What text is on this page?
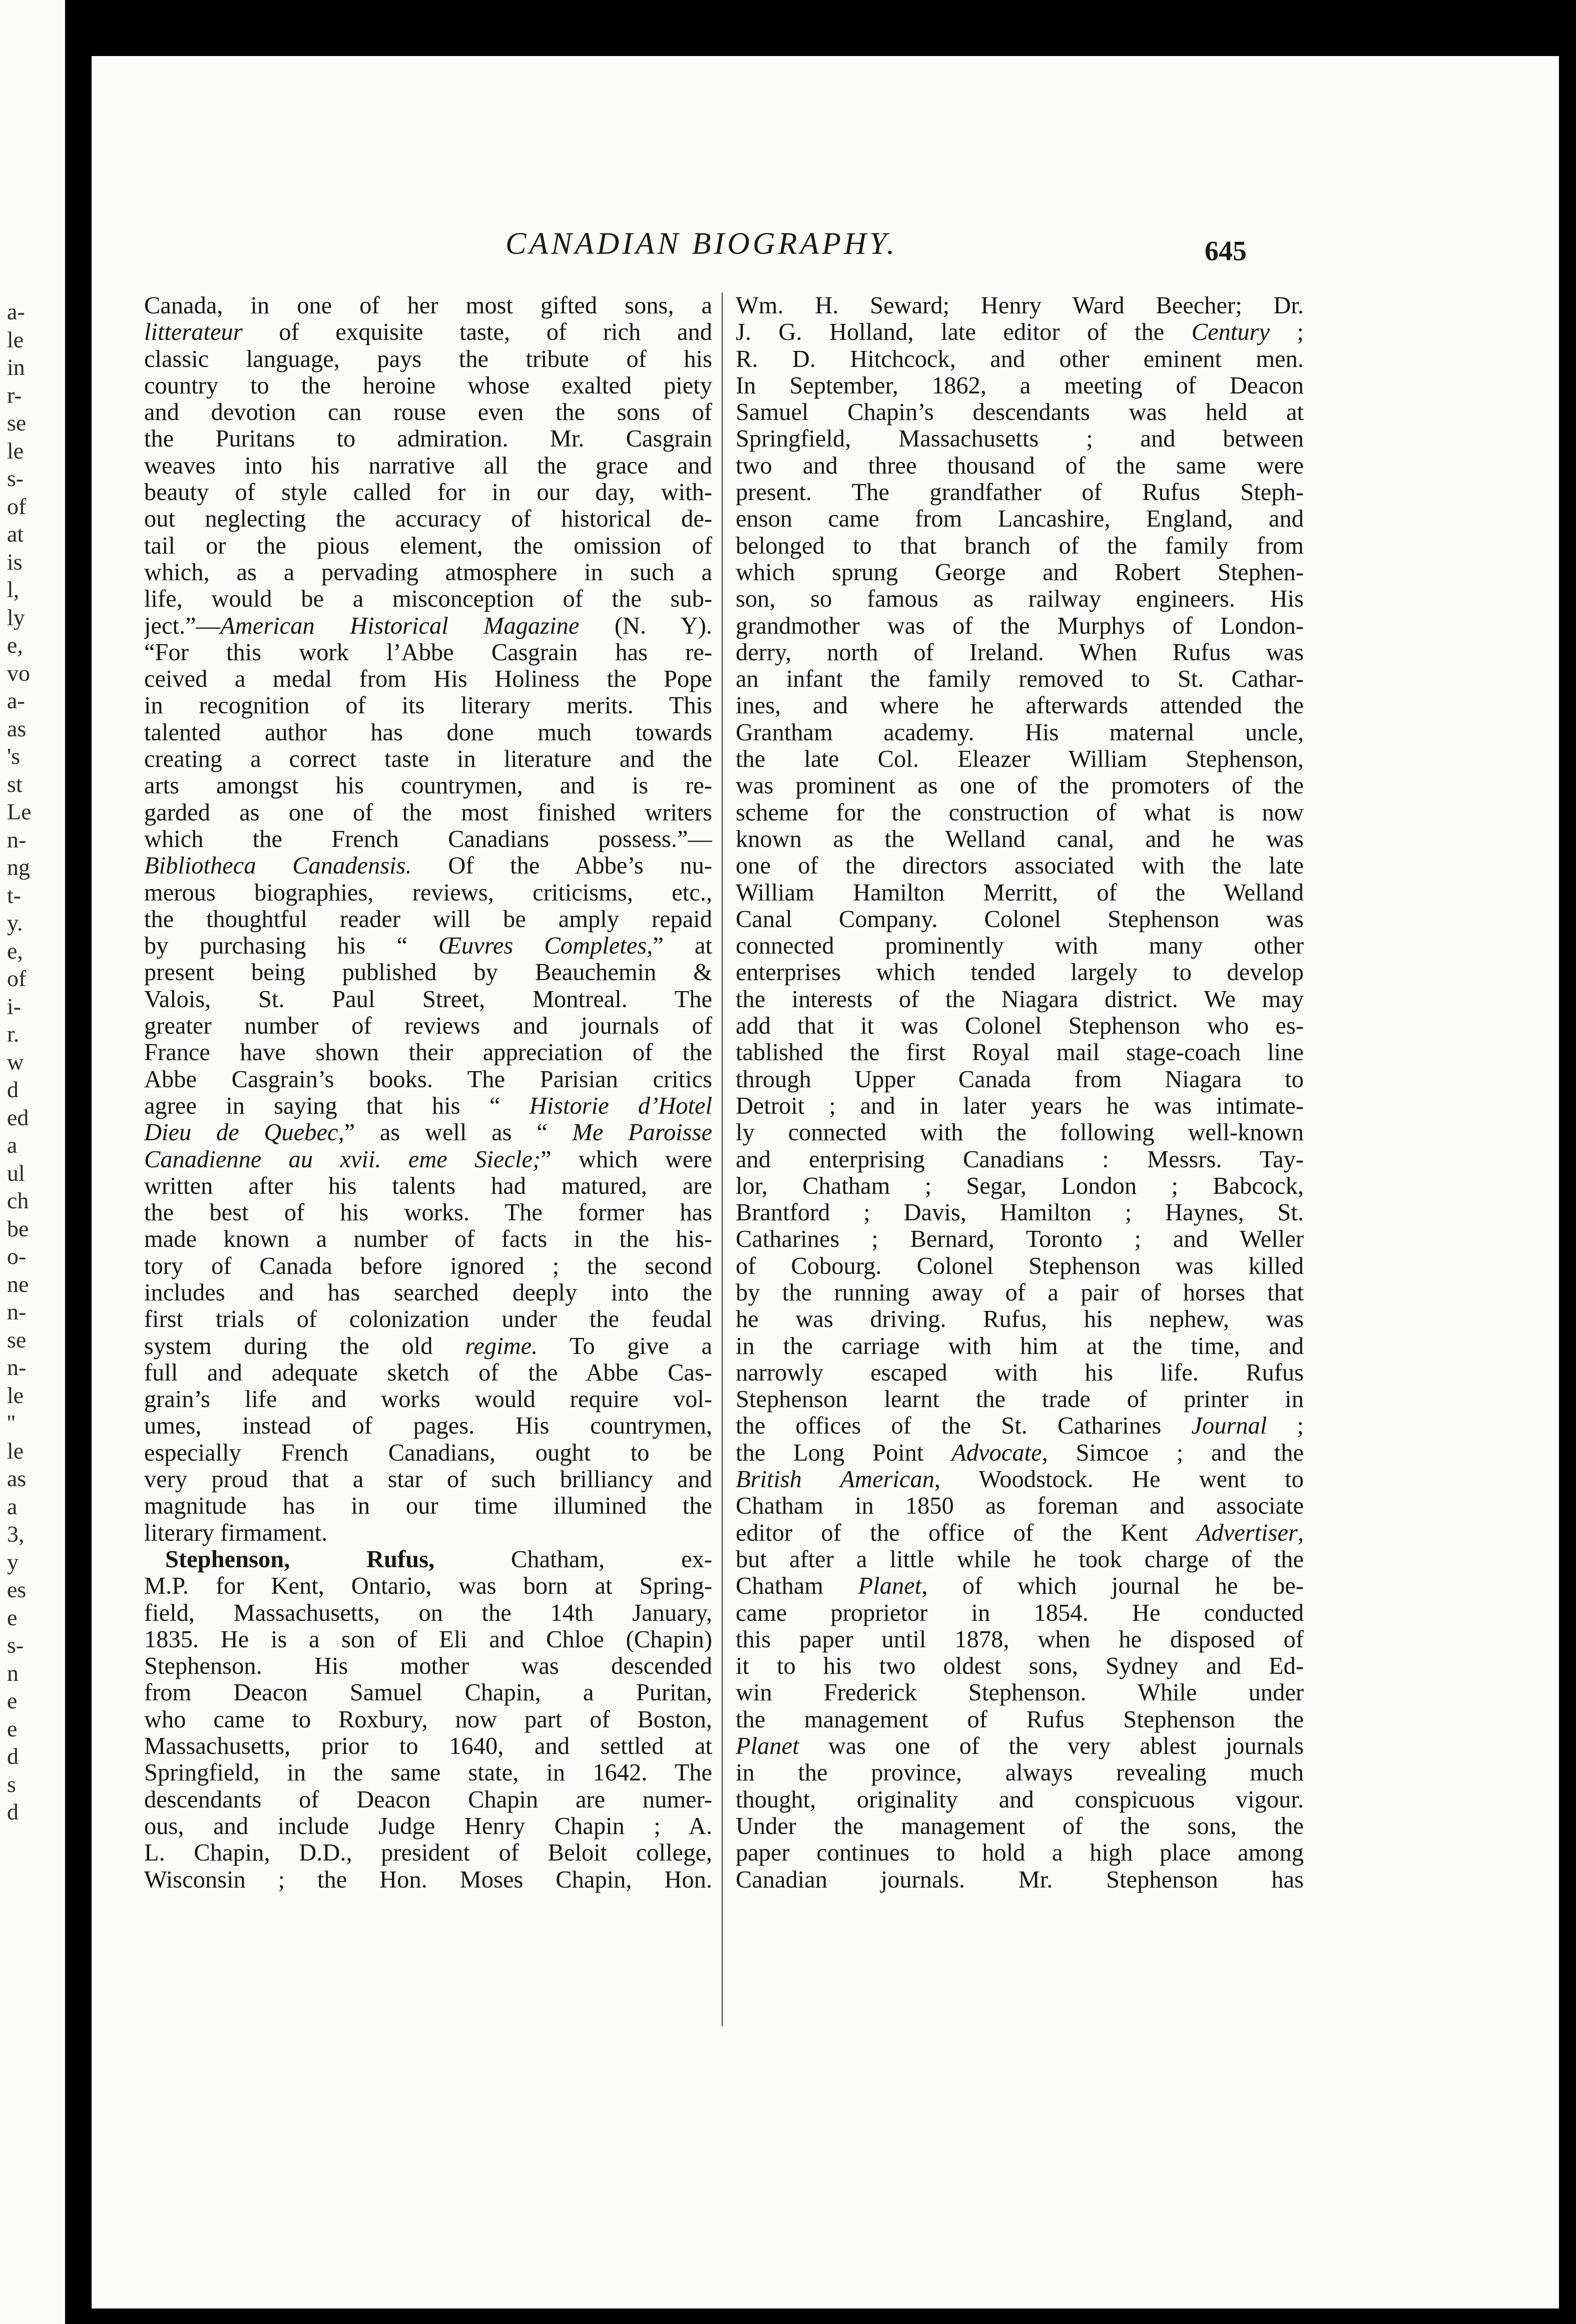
a-
le
in
r-
se
le
s-
of
at
is
l,
ly
e,
vo
a-
as
's
st
Le
n-
ng
t-
y.
e,
of
i-
r.
w
d
ed
a
ul
ch
be
o-
ne
n-
se
n-
le
''
le
as
a
3,
y
es
e
s-
n
e
e
d
s
d
CANADIAN BIOGRAPHY.	645
Canada, in one of her most gifted sons, a
litterateur of exquisite taste, of rich and
classic language, pays the tribute of his
country to the heroine whose exalted piety
and devotion can rouse even the sons of
the Puritans to admiration. Mr. Casgrain
weaves into his narrative all the grace and
beauty of style called for in our day, with-
out neglecting the accuracy of historical de-
tail or the pious element, the omission of
which, as a pervading atmosphere in such a
life, would be a misconception of the sub-
ject.”—American Historical Magazine (N. Y).
“For this work l’Abbe Casgrain has re-
ceived a medal from His Holiness the Pope
in recognition of its literary merits. This
talented author has done much towards
creating a correct taste in literature and the
arts amongst his countrymen, and is re-
garded as one of the most finished writers
which the French Canadians possess.”—
Bibliotheca Canadensis. Of the Abbe’s nu-
merous biographies, reviews, criticisms, etc.,
the thoughtful reader will be amply repaid
by purchasing his “ Œuvres Completes,” at
present being published by Beauchemin &
Valois, St. Paul Street, Montreal. The
greater number of reviews and journals of
France have shown their appreciation of the
Abbe Casgrain’s books. The Parisian critics
agree in saying that his “ Historie d’Hotel
Dieu de Quebec,” as well as “ Me Paroisse
Canadienne au xvii. eme Siecle;” which were
written after his talents had matured, are
the best of his works. The former has
made known a number of facts in the his-
tory of Canada before ignored ; the second
includes and has searched deeply into the
first trials of colonization under the feudal
system during the old regime. To give a
full and adequate sketch of the Abbe Cas-
grain’s life and works would require vol-
umes, instead of pages. His countrymen,
especially French Canadians, ought to be
very proud that a star of such brilliancy and
magnitude has in our time illumined the
literary firmament.
Stephenson, Rufus, Chatham, ex-
M.P. for Kent, Ontario, was born at Spring-
field, Massachusetts, on the 14th January,
1835. He is a son of Eli and Chloe (Chapin)
Stephenson. His mother was descended
from Deacon Samuel Chapin, a Puritan,
who came to Roxbury, now part of Boston,
Massachusetts, prior to 1640, and settled at
Springfield, in the same state, in 1642. The
descendants of Deacon Chapin are numer-
ous, and include Judge Henry Chapin ; A.
L. Chapin, D.D., president of Beloit college,
Wisconsin ; the Hon. Moses Chapin, Hon.
Wm. H. Seward; Henry Ward Beecher; Dr.
J. G. Holland, late editor of the Century ;
R. D. Hitchcock, and other eminent men.
In September, 1862, a meeting of Deacon
Samuel Chapin’s descendants was held at
Springfield, Massachusetts ; and between
two and three thousand of the same were
present. The grandfather of Rufus Steph-
enson came from Lancashire, England, and
belonged to that branch of the family from
which sprung George and Robert Stephen-
son, so famous as railway engineers. His
grandmother was of the Murphys of London-
derry, north of Ireland. When Rufus was
an infant the family removed to St. Cathar-
ines, and where he afterwards attended the
Grantham academy. His maternal uncle,
the late Col. Eleazer William Stephenson,
was prominent as one of the promoters of the
scheme for the construction of what is now
known as the Welland canal, and he was
one of the directors associated with the late
William Hamilton Merritt, of the Welland
Canal Company. Colonel Stephenson was
connected prominently with many other
enterprises which tended largely to develop
the interests of the Niagara district. We may
add that it was Colonel Stephenson who es-
tablished the first Royal mail stage-coach line
through Upper Canada from Niagara to
Detroit ; and in later years he was intimate-
ly connected with the following well-known
and enterprising Canadians : Messrs. Tay-
lor, Chatham ; Segar, London ; Babcock,
Brantford ; Davis, Hamilton ; Haynes, St.
Catharines ; Bernard, Toronto ; and Weller
of Cobourg. Colonel Stephenson was killed
by the running away of a pair of horses that
he was driving. Rufus, his nephew, was
in the carriage with him at the time, and
narrowly escaped with his life. Rufus
Stephenson learnt the trade of printer in
the offices of the St. Catharines Journal ;
the Long Point Advocate, Simcoe ; and the
British American, Woodstock. He went to
Chatham in 1850 as foreman and associate
editor of the office of the Kent Advertiser,
but after a little while he took charge of the
Chatham Planet, of which journal he be-
came proprietor in 1854. He conducted
this paper until 1878, when he disposed of
it to his two oldest sons, Sydney and Ed-
win Frederick Stephenson. While under
the management of Rufus Stephenson the
Planet was one of the very ablest journals
in the province, always revealing much
thought, originality and conspicuous vigour.
Under the management of the sons, the
paper continues to hold a high place among
Canadian journals. Mr. Stephenson has
